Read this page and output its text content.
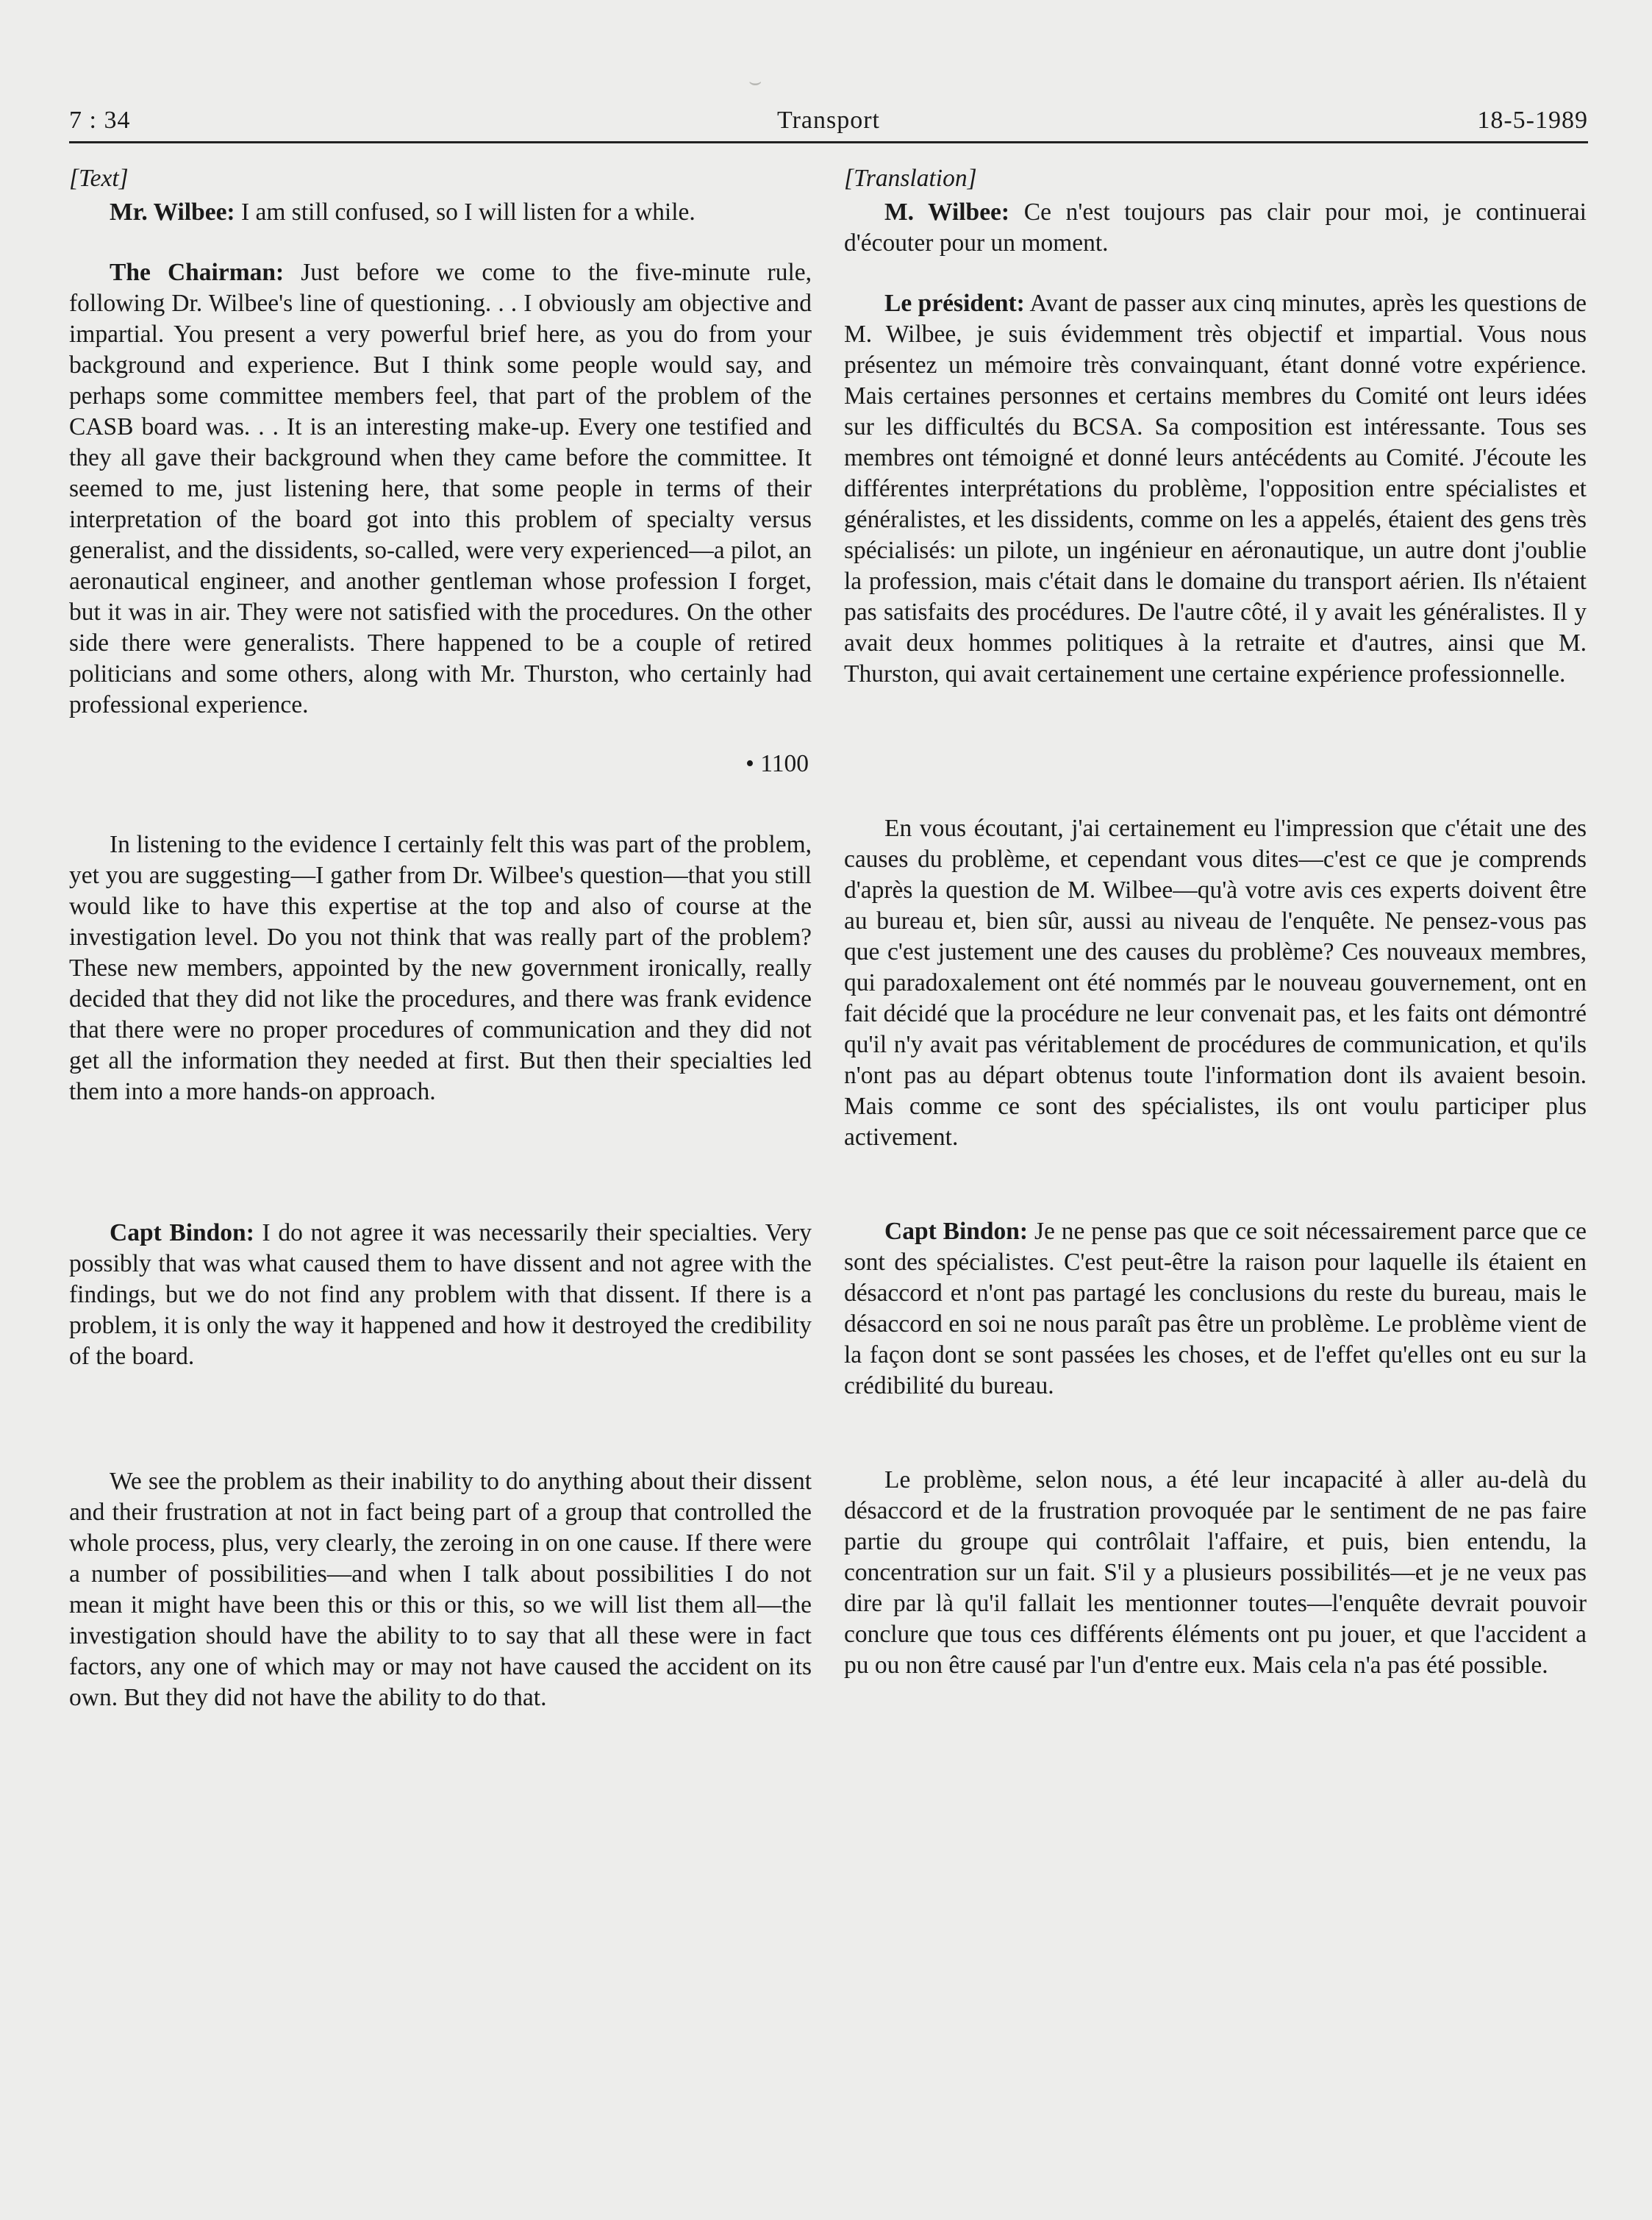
⌣
7 : 34	Transport	18-5-1989
[Text]

Mr. Wilbee: I am still confused, so I will listen for a while.

The Chairman: Just before we come to the five-minute rule, following Dr. Wilbee's line of questioning. . . I obviously am objective and impartial. You present a very powerful brief here, as you do from your background and experience. But I think some people would say, and perhaps some committee members feel, that part of the problem of the CASB board was. . . It is an interesting make-up. Every one testified and they all gave their background when they came before the committee. It seemed to me, just listening here, that some people in terms of their interpretation of the board got into this problem of specialty versus generalist, and the dissidents, so-called, were very experienced—a pilot, an aeronautical engineer, and another gentleman whose profession I forget, but it was in air. They were not satisfied with the procedures. On the other side there were generalists. There happened to be a couple of retired politicians and some others, along with Mr. Thurston, who certainly had professional experience.

• 1100

In listening to the evidence I certainly felt this was part of the problem, yet you are suggesting—I gather from Dr. Wilbee's question—that you still would like to have this expertise at the top and also of course at the investigation level. Do you not think that was really part of the problem? These new members, appointed by the new government ironically, really decided that they did not like the procedures, and there was frank evidence that there were no proper procedures of communication and they did not get all the information they needed at first. But then their specialties led them into a more hands-on approach.

Capt Bindon: I do not agree it was necessarily their specialties. Very possibly that was what caused them to have dissent and not agree with the findings, but we do not find any problem with that dissent. If there is a problem, it is only the way it happened and how it destroyed the credibility of the board.

We see the problem as their inability to do anything about their dissent and their frustration at not in fact being part of a group that controlled the whole process, plus, very clearly, the zeroing in on one cause. If there were a number of possibilities—and when I talk about possibilities I do not mean it might have been this or this or this, so we will list them all—the investigation should have the ability to to say that all these were in fact factors, any one of which may or may not have caused the accident on its own. But they did not have the ability to do that.

[Translation]

M. Wilbee: Ce n'est toujours pas clair pour moi, je continuerai d'écouter pour un moment.

Le président: Avant de passer aux cinq minutes, après les questions de M. Wilbee, je suis évidemment très objectif et impartial. Vous nous présentez un mémoire très convainquant, étant donné votre expérience. Mais certaines personnes et certains membres du Comité ont leurs idées sur les difficultés du BCSA. Sa composition est intéressante. Tous ses membres ont témoigné et donné leurs antécédents au Comité. J'écoute les différentes interprétations du problème, l'opposition entre spécialistes et généralistes, et les dissidents, comme on les a appelés, étaient des gens très spécialisés: un pilote, un ingénieur en aéronautique, un autre dont j'oublie la profession, mais c'était dans le domaine du transport aérien. Ils n'étaient pas satisfaits des procédures. De l'autre côté, il y avait les généralistes. Il y avait deux hommes politiques à la retraite et d'autres, ainsi que M. Thurston, qui avait certainement une certaine expérience professionnelle.

En vous écoutant, j'ai certainement eu l'impression que c'était une des causes du problème, et cependant vous dites—c'est ce que je comprends d'après la question de M. Wilbee—qu'à votre avis ces experts doivent être au bureau et, bien sûr, aussi au niveau de l'enquête. Ne pensez-vous pas que c'est justement une des causes du problème? Ces nouveaux membres, qui paradoxalement ont été nommés par le nouveau gouvernement, ont en fait décidé que la procédure ne leur convenait pas, et les faits ont démontré qu'il n'y avait pas véritablement de procédures de communication, et qu'ils n'ont pas au départ obtenus toute l'information dont ils avaient besoin. Mais comme ce sont des spécialistes, ils ont voulu participer plus activement.

Capt Bindon: Je ne pense pas que ce soit nécessairement parce que ce sont des spécialistes. C'est peut-être la raison pour laquelle ils étaient en désaccord et n'ont pas partagé les conclusions du reste du bureau, mais le désaccord en soi ne nous paraît pas être un problème. Le problème vient de la façon dont se sont passées les choses, et de l'effet qu'elles ont eu sur la crédibilité du bureau.

Le problème, selon nous, a été leur incapacité à aller au-delà du désaccord et de la frustration provoquée par le sentiment de ne pas faire partie du groupe qui contrôlait l'affaire, et puis, bien entendu, la concentration sur un fait. S'il y a plusieurs possibilités—et je ne veux pas dire par là qu'il fallait les mentionner toutes—l'enquête devrait pouvoir conclure que tous ces différents éléments ont pu jouer, et que l'accident a pu ou non être causé par l'un d'entre eux. Mais cela n'a pas été possible.
